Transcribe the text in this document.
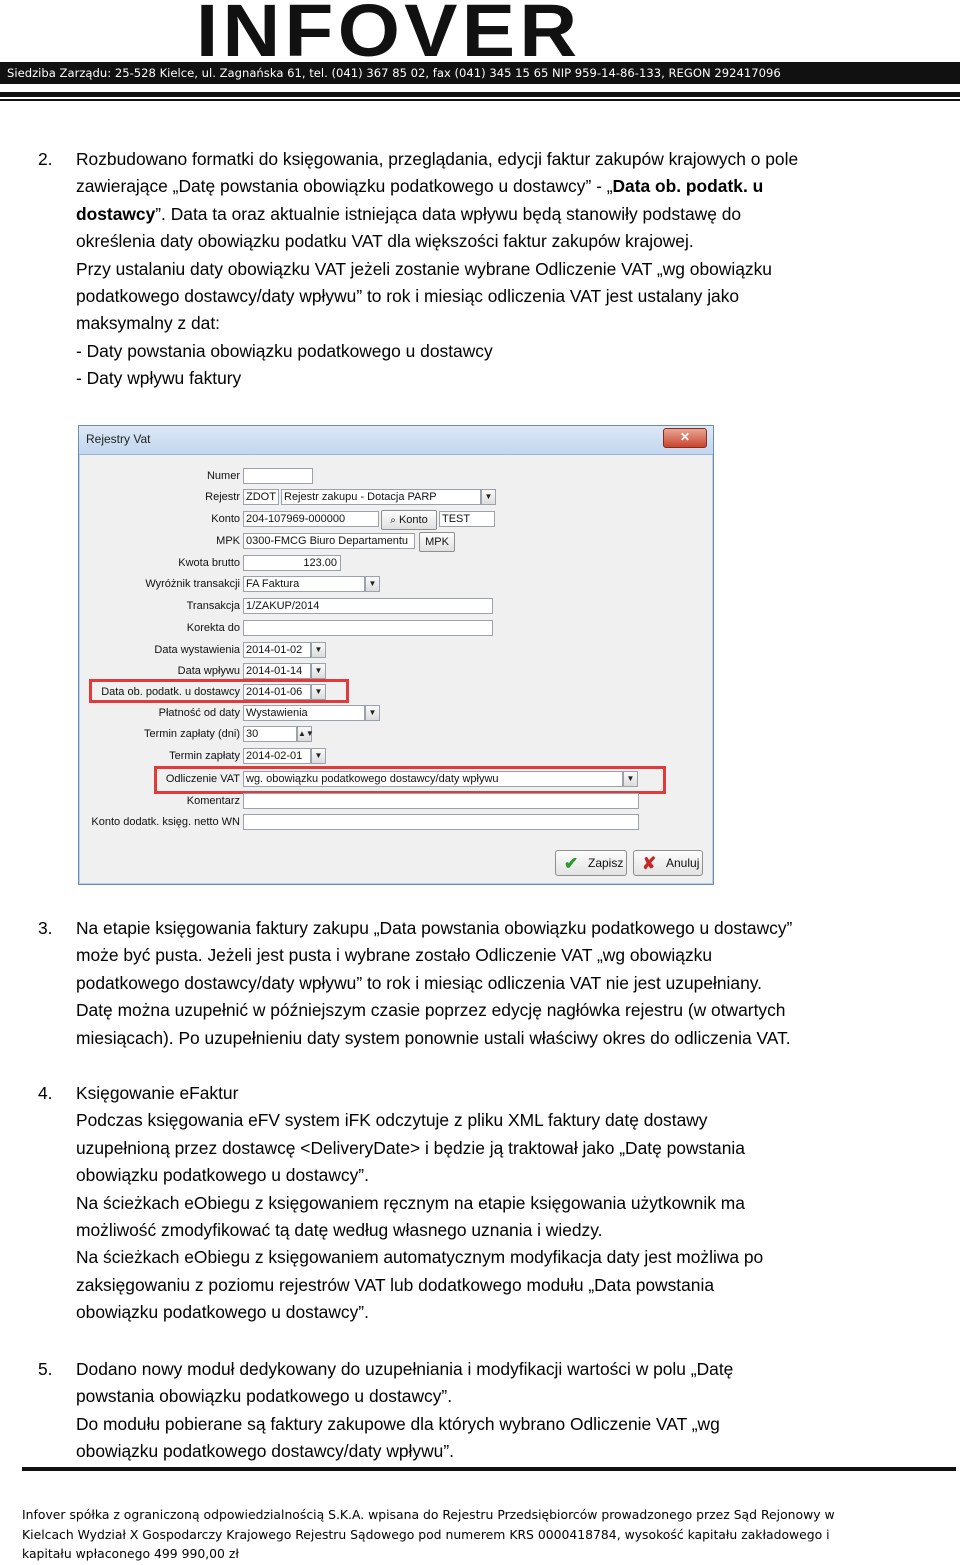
INFOVER
Siedziba Zarządu: 25-528 Kielce, ul. Zagnańska 61, tel. (041) 367 85 02, fax (041) 345 15 65 NIP 959-14-86-133, REGON 292417096
2. Rozbudowano formatki do księgowania, przeglądania, edycji faktur zakupów krajowych o pole

zawierające „Datę powstania obowiązku podatkowego u dostawcy” - „Data ob. podatk. u

dostawcy”. Data ta oraz aktualnie istniejąca data wpływu będą stanowiły podstawę do

określenia daty obowiązku podatku VAT dla większości faktur zakupów krajowej.

Przy ustalaniu daty obowiązku VAT jeżeli zostanie wybrane Odliczenie VAT „wg obowiązku

podatkowego dostawcy/daty wpływu” to rok i miesiąc odliczenia VAT jest ustalany jako

maksymalny z dat:

- Daty powstania obowiązku podatkowego u dostawcy

- Daty wpływu faktury

Rejestry Vat	✕
Numer
Rejestr ZDOT Rejestr zakupu - Dotacja PARP	▼
Konto 204-107969-000000	⌕ Konto	TEST
MPK 0300-FMCG Biuro Departamentu	MPK
Kwota brutto	123.00
Wyróżnik transakcji FA Faktura	▼
Transakcja 1/ZAKUP/2014
Korekta do
Data wystawienia 2014-01-02	▼
Data wpływu 2014-01-14	▼
Data ob. podatk. u dostawcy 2014-01-06	▼
Płatność od daty Wystawienia	▼
Termin zapłaty (dni) 30	▲▼
Termin zapłaty 2014-02-01	▼
Odliczenie VAT wg. obowiązku podatkowego dostawcy/daty wpływu	▼
Komentarz
Konto dodatk. księg. netto WN
✔ Zapisz ✘ Anuluj
3. Na etapie księgowania faktury zakupu „Data powstania obowiązku podatkowego u dostawcy”

może być pusta. Jeżeli jest pusta i wybrane zostało Odliczenie VAT „wg obowiązku

podatkowego dostawcy/daty wpływu” to rok i miesiąc odliczenia VAT nie jest uzupełniany.

Datę można uzupełnić w późniejszym czasie poprzez edycję nagłówka rejestru (w otwartych

miesiącach). Po uzupełnieniu daty system ponownie ustali właściwy okres do odliczenia VAT.

4. Księgowanie eFaktur

Podczas księgowania eFV system iFK odczytuje z pliku XML faktury datę dostawy

uzupełnioną przez dostawcę <DeliveryDate> i będzie ją traktował jako „Datę powstania

obowiązku podatkowego u dostawcy”.

Na ścieżkach eObiegu z księgowaniem ręcznym na etapie księgowania użytkownik ma

możliwość zmodyfikować tą datę według własnego uznania i wiedzy.

Na ścieżkach eObiegu z księgowaniem automatycznym modyfikacja daty jest możliwa po

zaksięgowaniu z poziomu rejestrów VAT lub dodatkowego modułu „Data powstania

obowiązku podatkowego u dostawcy”.

5. Dodano nowy moduł dedykowany do uzupełniania i modyfikacji wartości w polu „Datę

powstania obowiązku podatkowego u dostawcy”.

Do modułu pobierane są faktury zakupowe dla których wybrano Odliczenie VAT „wg

obowiązku podatkowego dostawcy/daty wpływu”.

Infover spółka z ograniczoną odpowiedzialnością S.K.A. wpisana do Rejestru Przedsiębiorców prowadzonego przez Sąd Rejonowy w
Kielcach Wydział X Gospodarczy Krajowego Rejestru Sądowego pod numerem KRS 0000418784, wysokość kapitału zakładowego i
kapitału wpłaconego 499 990,00 zł
